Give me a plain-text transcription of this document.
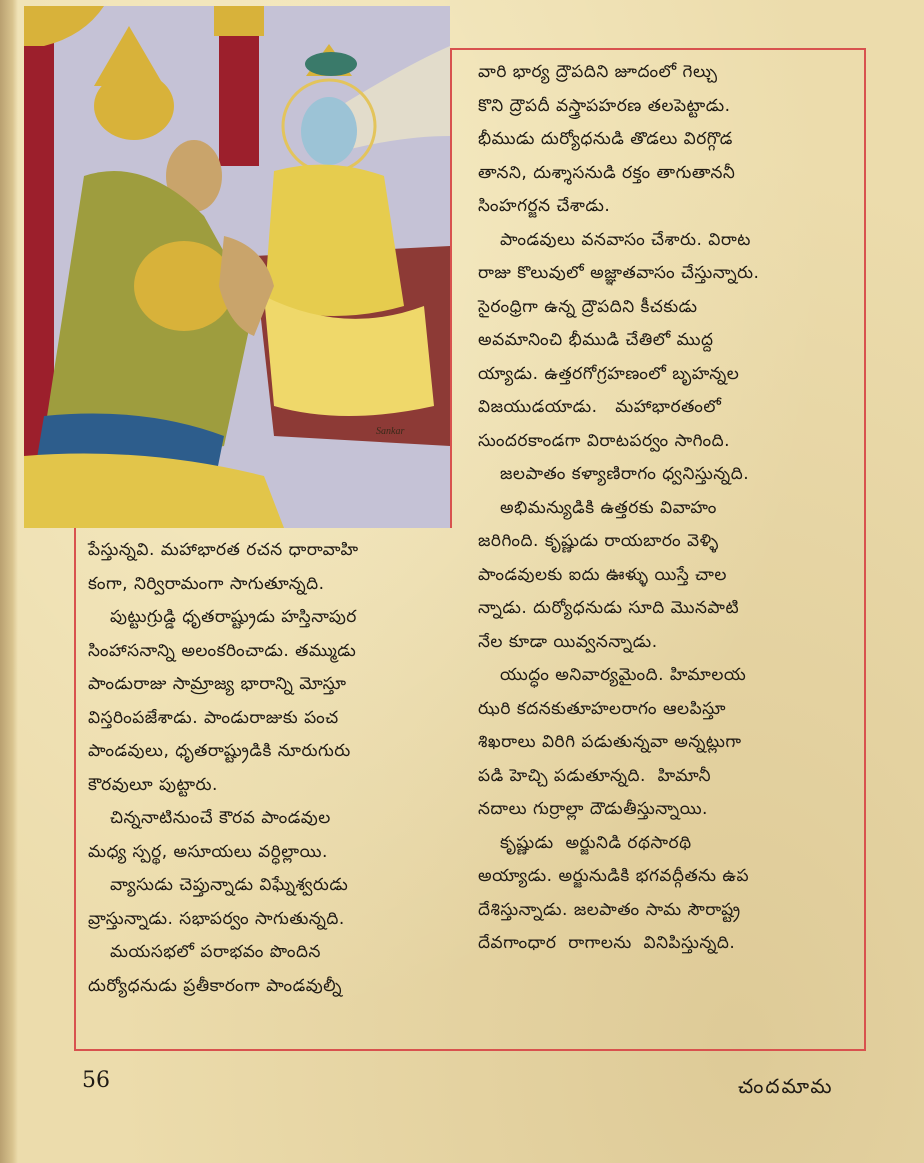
Sankar

వారి భార్య ద్రౌపదిని జూదంలో గెల్చు

కొని ద్రౌపదీ వస్త్రాపహరణ తలపెట్టాడు.

భీముడు దుర్యోధనుడి తొడలు విరగ్గొడ

తానని, దుశ్శాసనుడి రక్తం తాగుతాననీ

సింహగర్జన చేశాడు.

పాండవులు వనవాసం చేశారు. విరాట

రాజు కొలువులో అజ్ఞాతవాసం చేస్తున్నారు.

సైరంధ్రిగా ఉన్న ద్రౌపదిని కీచకుడు

అవమానించి భీముడి చేతిలో ముద్ద

య్యాడు. ఉత్తరగోగ్రహణంలో బృహన్నల

విజయుడయాడు.   మహాభారతంలో

సుందరకాండగా విరాటపర్వం సాగింది.

జలపాతం కళ్యాణిరాగం ధ్వనిస్తున్నది.

అభిమన్యుడికి ఉత్తరకు వివాహం

జరిగింది. కృష్ణుడు రాయబారం వెళ్ళి

పాండవులకు ఐదు ఊళ్ళు యిస్తే చాల

న్నాడు. దుర్యోధనుడు సూది మొనపాటి

నేల కూడా యివ్వనన్నాడు.

యుద్ధం అనివార్యమైంది. హిమాలయ

ఝరి కదనకుతూహలరాగం ఆలపిస్తూ

శిఖరాలు విరిగి పడుతున్నవా అన్నట్లుగా

పడి హెచ్చి పడుతూన్నది.  హిమానీ

నదాలు గుర్రాల్లా దౌడుతీస్తున్నాయి.

కృష్ణుడు  అర్జునిడి రథసారథి

అయ్యాడు. అర్జునుడికి భగవద్గీతను ఉప

దేశిస్తున్నాడు. జలపాతం సామ సౌరాష్ట్ర

దేవగాంధార  రాగాలను  వినిపిస్తున్నది.

పేస్తున్నవి. మహాభారత రచన ధారావాహి

కంగా, నిర్విరామంగా సాగుతూన్నది.

పుట్టుగ్రుడ్డి ధృతరాష్ట్రుడు హస్తినాపుర

సింహాసనాన్ని అలంకరించాడు. తమ్ముడు

పాండురాజు సామ్రాజ్య భారాన్ని మోస్తూ

విస్తరింపజేశాడు. పాండురాజుకు పంచ

పాండవులు, ధృతరాష్ట్రుడికి నూరుగురు

కౌరవులూ పుట్టారు.

చిన్ననాటినుంచే కౌరవ పాండవుల

మధ్య స్పర్థ, అసూయలు వర్ధిల్లాయి.

వ్యాసుడు చెప్తున్నాడు విఘ్నేశ్వరుడు

వ్రాస్తున్నాడు. సభాపర్వం సాగుతున్నది.

మయసభలో పరాభవం పొందిన

దుర్యోధనుడు ప్రతీకారంగా పాండవుల్నీ

56	చందమామ
